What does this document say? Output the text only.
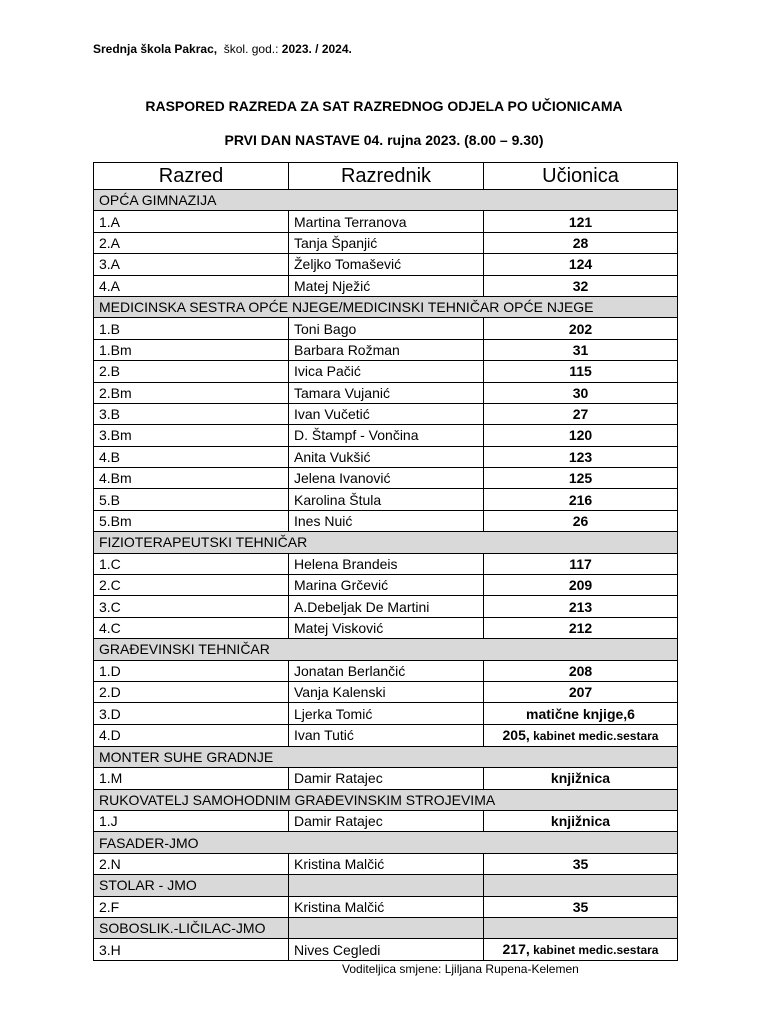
Srednja škola Pakrac, škol. god.: 2023. / 2024.
RASPORED RAZREDA ZA SAT RAZREDNOG ODJELA PO UČIONICAMA
PRVI DAN NASTAVE 04. rujna 2023. (8.00 – 9.30)
Razred	Razrednik	Učionica
OPĆA GIMNAZIJA		
1.A	Martina Terranova	121
2.A	Tanja Španjić	28
3.A	Željko Tomašević	124
4.A	Matej Nježić	32
MEDICINSKA SESTRA OPĆE NJEGE/MEDICINSKI TEHNIČAR OPĆE NJEGE		
1.B	Toni Bago	202
1.Bm	Barbara Rožman	31
2.B	Ivica Pačić	115
2.Bm	Tamara Vujanić	30
3.B	Ivan Vučetić	27
3.Bm	D. Štampf - Vončina	120
4.B	Anita Vukšić	123
4.Bm	Jelena Ivanović	125
5.B	Karolina Štula	216
5.Bm	Ines Nuić	26
FIZIOTERAPEUTSKI TEHNIČAR		
1.C	Helena Brandeis	117
2.C	Marina Grčević	209
3.C	A.Debeljak De Martini	213
4.C	Matej Visković	212
GRAĐEVINSKI TEHNIČAR		
1.D	Jonatan Berlančić	208
2.D	Vanja Kalenski	207
3.D	Ljerka Tomić	matične knjige,6
4.D	Ivan Tutić	205, kabinet medic.sestara
MONTER SUHE GRADNJE		
1.M	Damir Ratajec	knjižnica
RUKOVATELJ SAMOHODNIM GRAĐEVINSKIM STROJEVIMA		
1.J	Damir Ratajec	knjižnica
FASADER-JMO		
2.N	Kristina Malčić	35
STOLAR - JMO		
2.F	Kristina Malčić	35
SOBOSLIK.-LIČILAC-JMO		
3.H	Nives Cegledi	217, kabinet medic.sestara
Voditeljica smjene: Ljiljana Rupena-Kelemen
